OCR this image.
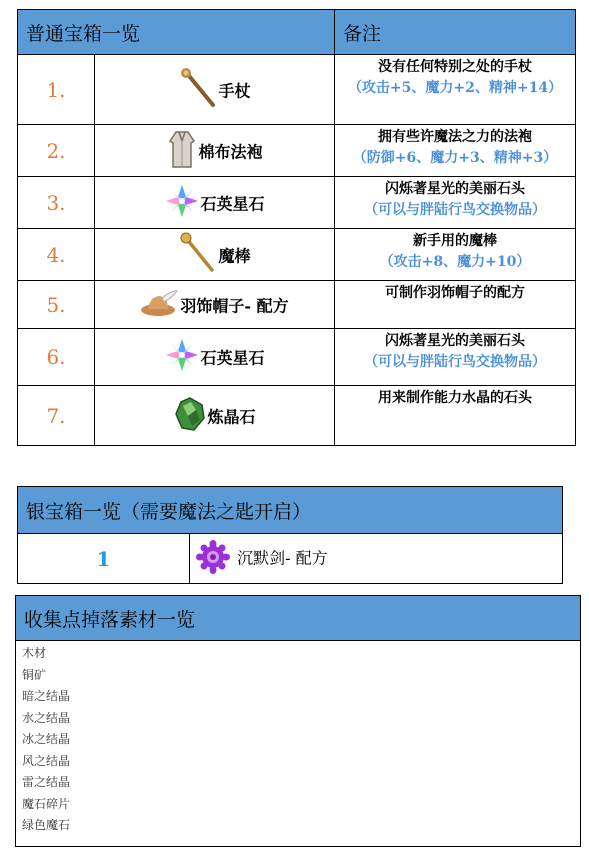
普通宝箱一览		备注
1.	手杖	没有任何特别之处的手杖
（攻击+5、魔力+2、精神+14）

2.	棉布法袍	拥有些许魔法之力的法袍
（防御+6、魔力+3、精神+3）

3.	石英星石	闪烁著星光的美丽石头
（可以与胖陆行鸟交换物品）

4.	魔棒	新手用的魔棒
（攻击+8、魔力+10）

5.	羽饰帽子- 配方	可制作羽饰帽子的配方

6.	石英星石	闪烁著星光的美丽石头
（可以与胖陆行鸟交换物品）

7.	炼晶石	用来制作能力水晶的石头
银宝箱一览（需要魔法之匙开启）
1	沉默剑- 配方
收集点掉落素材一览

木材
铜矿
暗之结晶
水之结晶
冰之结晶
风之结晶
雷之结晶
魔石碎片
绿色魔石
